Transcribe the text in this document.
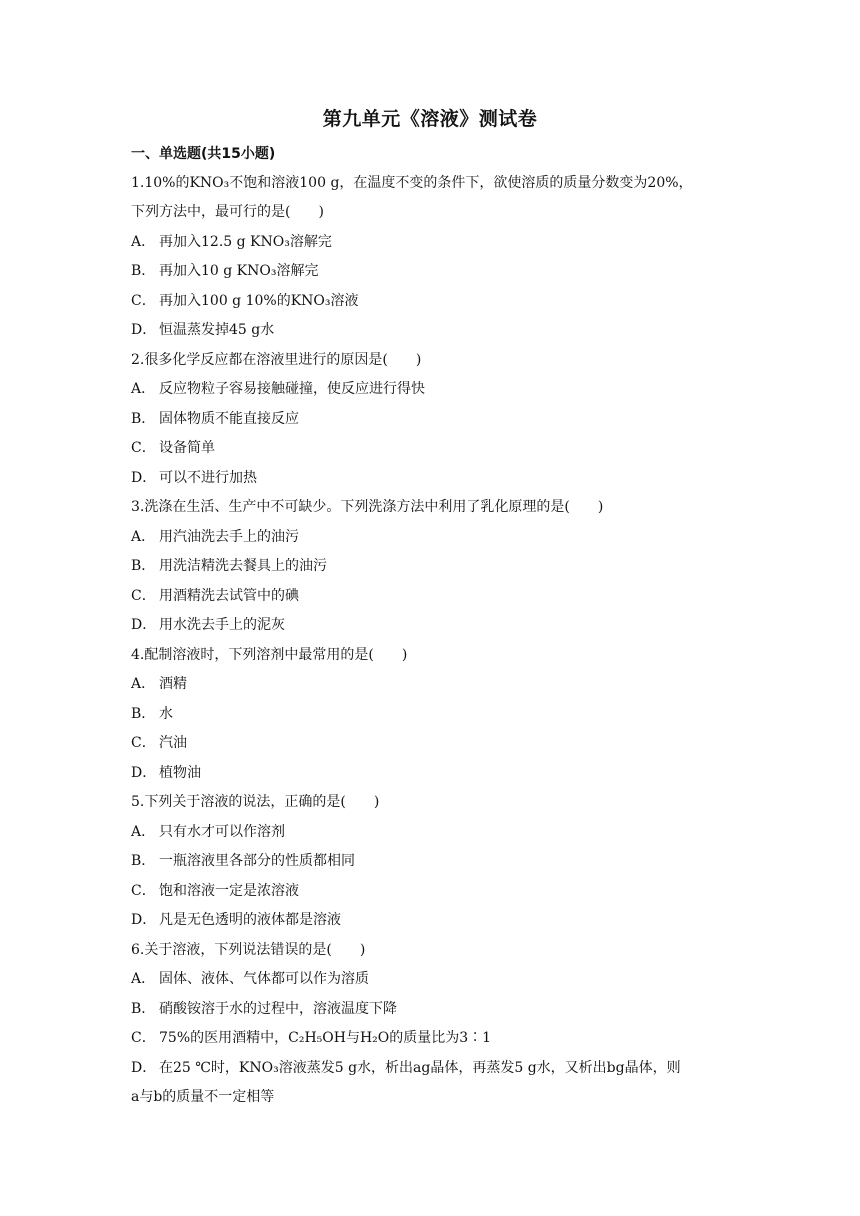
第九单元《溶液》测试卷
一、单选题(共15小题)
1.10%的KNO₃不饱和溶液100 g，在温度不变的条件下，欲使溶质的质量分数变为20%，
下列方法中，最可行的是(　　)
A． 再加入12.5 g KNO₃溶解完
B． 再加入10 g KNO₃溶解完
C． 再加入100 g 10%的KNO₃溶液
D． 恒温蒸发掉45 g水
2.很多化学反应都在溶液里进行的原因是(　　)
A． 反应物粒子容易接触碰撞，使反应进行得快
B． 固体物质不能直接反应
C． 设备简单
D． 可以不进行加热
3.洗涤在生活、生产中不可缺少。下列洗涤方法中利用了乳化原理的是(　　)
A． 用汽油洗去手上的油污
B． 用洗洁精洗去餐具上的油污
C． 用酒精洗去试管中的碘
D． 用水洗去手上的泥灰
4.配制溶液时，下列溶剂中最常用的是(　　)
A． 酒精
B． 水
C． 汽油
D． 植物油
5.下列关于溶液的说法，正确的是(　　)
A． 只有水才可以作溶剂
B． 一瓶溶液里各部分的性质都相同
C． 饱和溶液一定是浓溶液
D． 凡是无色透明的液体都是溶液
6.关于溶液，下列说法错误的是(　　)
A． 固体、液体、气体都可以作为溶质
B． 硝酸铵溶于水的过程中，溶液温度下降
C． 75%的医用酒精中，C₂H₅OH与H₂O的质量比为3∶1
D． 在25 ℃时，KNO₃溶液蒸发5 g水，析出ag晶体，再蒸发5 g水，又析出bg晶体，则
a与b的质量不一定相等
